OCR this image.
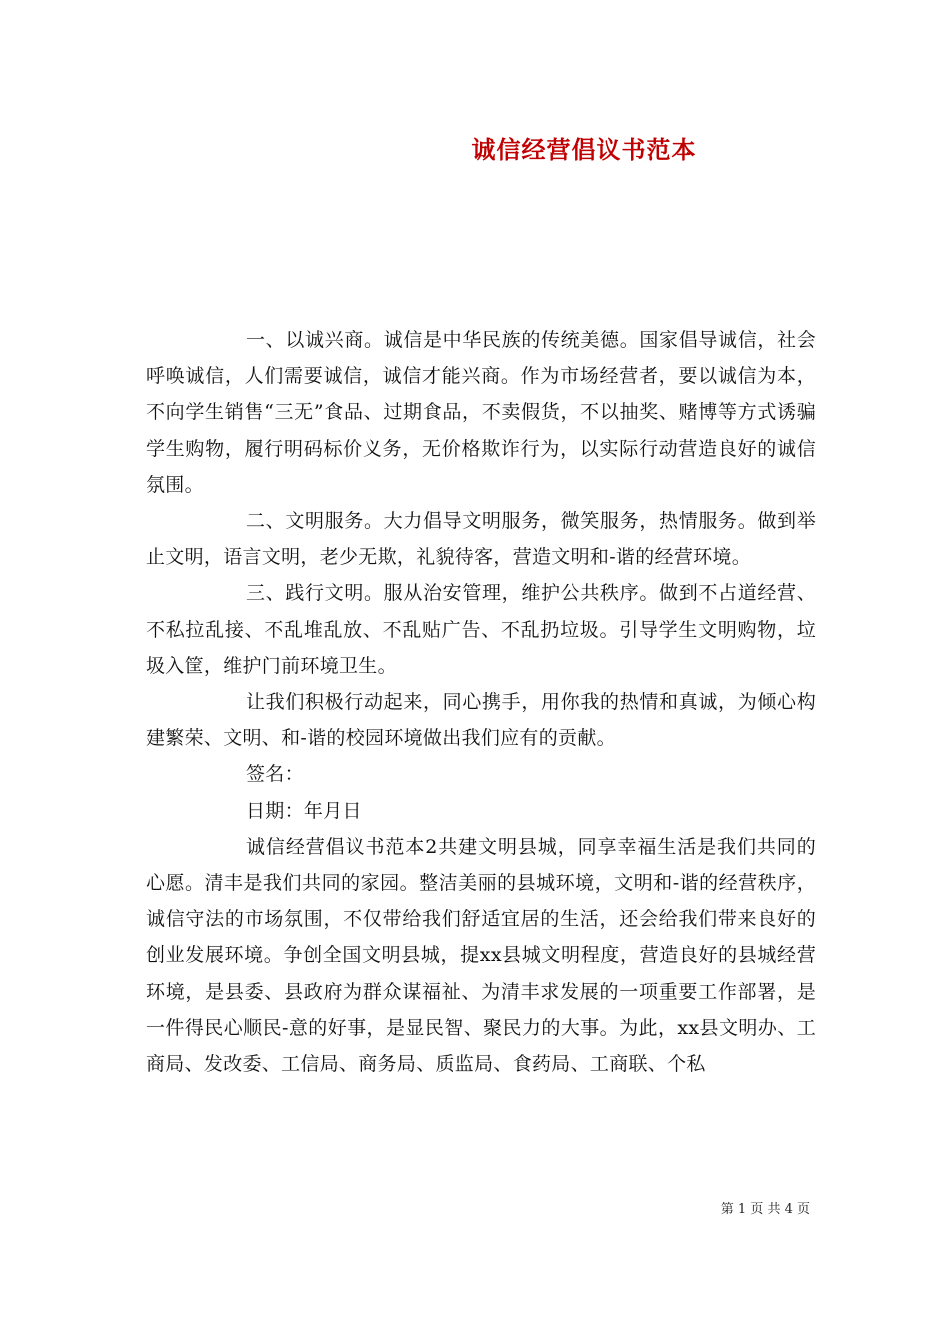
诚信经营倡议书范本

一、以诚兴商。诚信是中华民族的传统美德。国家倡导诚信，社会呼唤诚信，人们需要诚信，诚信才能兴商。作为市场经营者，要以诚信为本，不向学生销售“三无”食品、过期食品，不卖假货，不以抽奖、赌博等方式诱骗学生购物，履行明码标价义务，无价格欺诈行为，以实际行动营造良好的诚信氛围。

二、文明服务。大力倡导文明服务，微笑服务，热情服务。做到举止文明，语言文明，老少无欺，礼貌待客，营造文明和-谐的经营环境。

三、践行文明。服从治安管理，维护公共秩序。做到不占道经营、不私拉乱接、不乱堆乱放、不乱贴广告、不乱扔垃圾。引导学生文明购物，垃圾入筐，维护门前环境卫生。

让我们积极行动起来，同心携手，用你我的热情和真诚，为倾心构建繁荣、文明、和-谐的校园环境做出我们应有的贡献。

签名：

日期：年月日

诚信经营倡议书范本2共建文明县城，同享幸福生活是我们共同的心愿。清丰是我们共同的家园。整洁美丽的县城环境，文明和-谐的经营秩序，诚信守法的市场氛围，不仅带给我们舒适宜居的生活，还会给我们带来良好的创业发展环境。争创全国文明县城，提xx县城文明程度，营造良好的县城经营环境，是县委、县政府为群众谋福祉、为清丰求发展的一项重要工作部署，是一件得民心顺民-意的好事，是显民智、聚民力的大事。为此，xx县文明办、工商局、发改委、工信局、商务局、质监局、食药局、工商联、个私

第 1 页 共 4 页
